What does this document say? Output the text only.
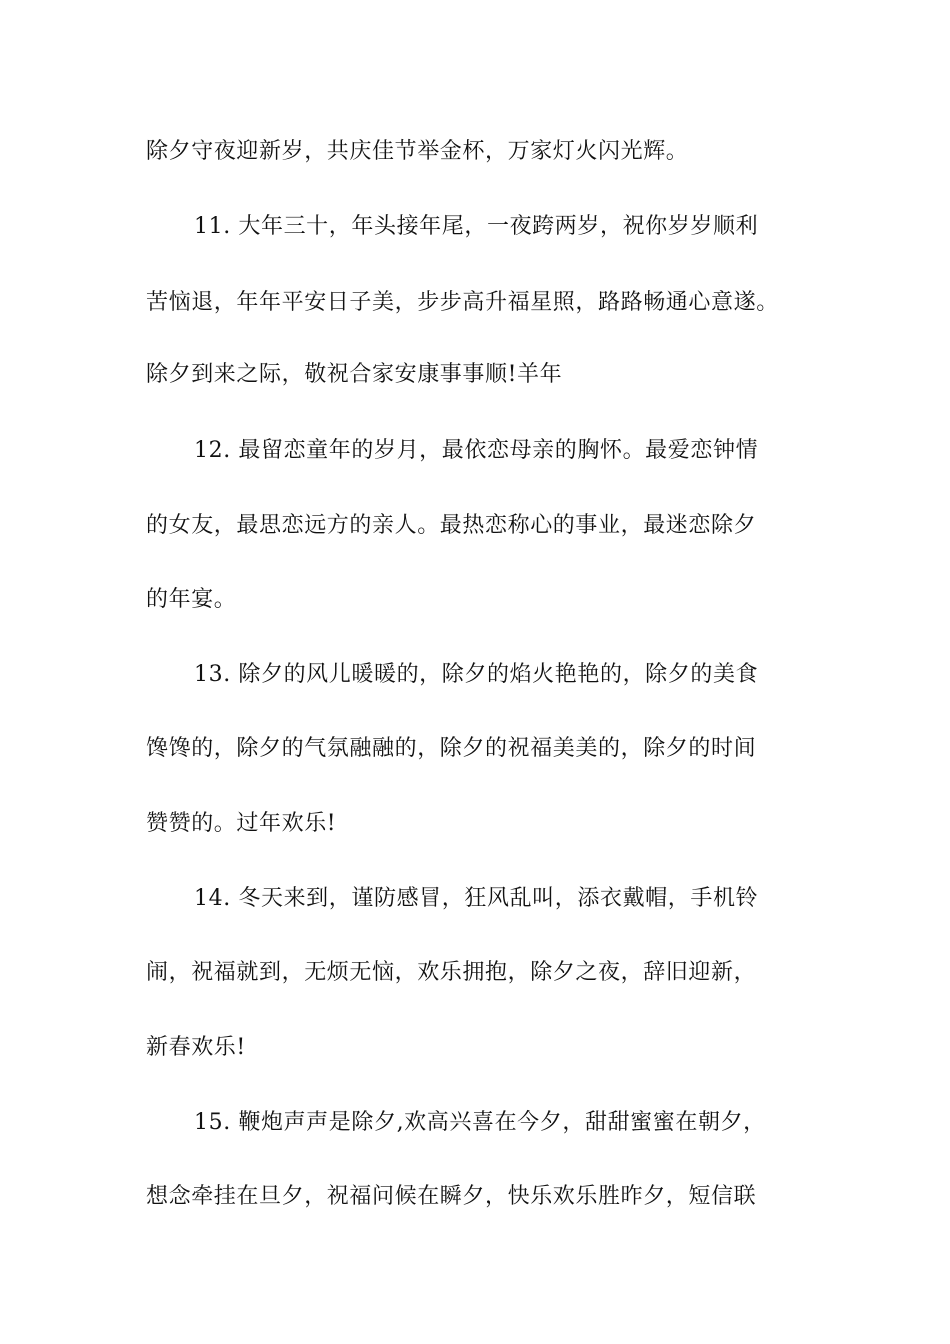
除夕守夜迎新岁，共庆佳节举金杯，万家灯火闪光辉。
11. 大年三十，年头接年尾，一夜跨两岁，祝你岁岁顺利
苦恼退，年年平安日子美，步步高升福星照，路路畅通心意遂。
除夕到来之际，敬祝合家安康事事顺!羊年
12. 最留恋童年的岁月，最依恋母亲的胸怀。最爱恋钟情
的女友，最思恋远方的亲人。最热恋称心的事业，最迷恋除夕
的年宴。
13. 除夕的风儿暖暖的，除夕的焰火艳艳的，除夕的美食
馋馋的，除夕的气氛融融的，除夕的祝福美美的，除夕的时间
赞赞的。过年欢乐!
14. 冬天来到，谨防感冒，狂风乱叫，添衣戴帽，手机铃
闹，祝福就到，无烦无恼，欢乐拥抱，除夕之夜，辞旧迎新，
新春欢乐!
15. 鞭炮声声是除夕,欢高兴喜在今夕，甜甜蜜蜜在朝夕，
想念牵挂在旦夕，祝福问候在瞬夕，快乐欢乐胜昨夕，短信联
